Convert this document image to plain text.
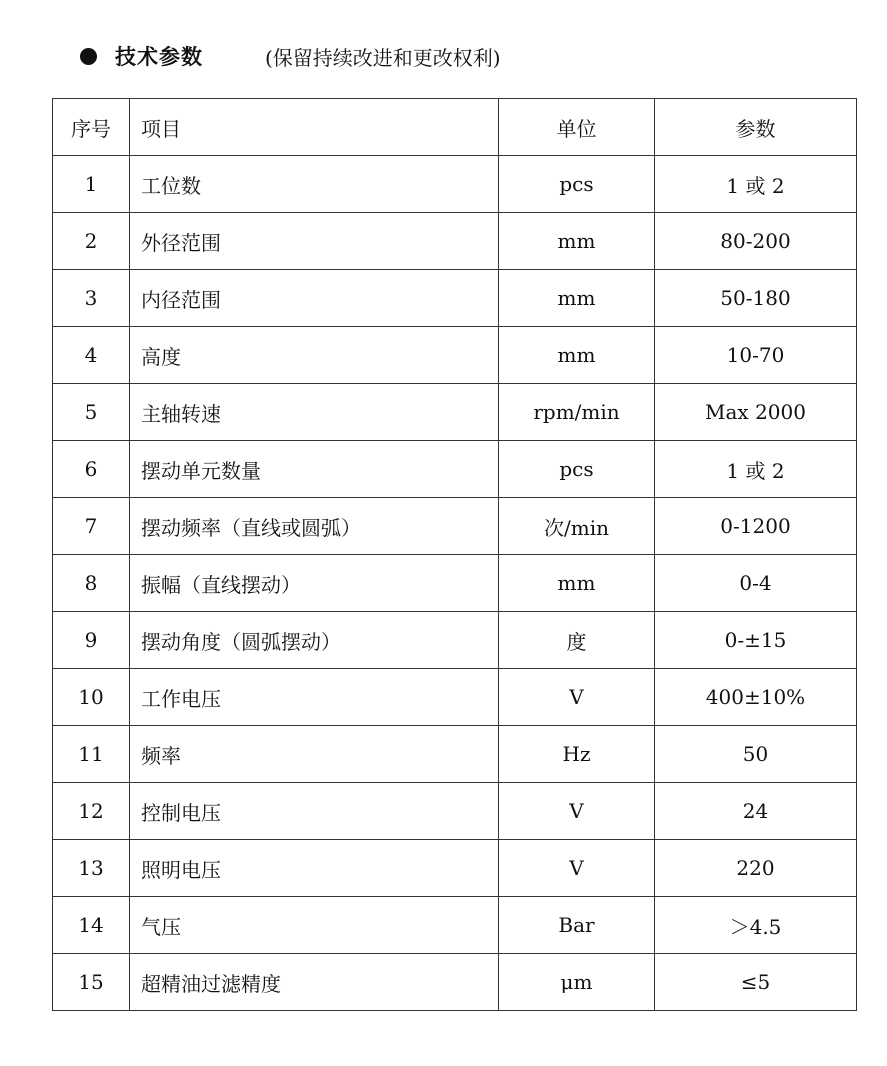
技术参数	(保留持续改进和更改权利)
序号	项目	单位	参数
1	工位数	pcs	1 或 2
2	外径范围	mm	80-200
3	内径范围	mm	50-180
4	高度	mm	10-70
5	主轴转速	rpm/min	Max 2000
6	摆动单元数量	pcs	1 或 2
7	摆动频率（直线或圆弧）	次/min	0-1200
8	振幅（直线摆动）	mm	0-4
9	摆动角度（圆弧摆动）	度	0-±15
10	工作电压	V	400±10%
11	频率	Hz	50
12	控制电压	V	24
13	照明电压	V	220
14	气压	Bar	＞4.5
15	超精油过滤精度	μm	≤5
